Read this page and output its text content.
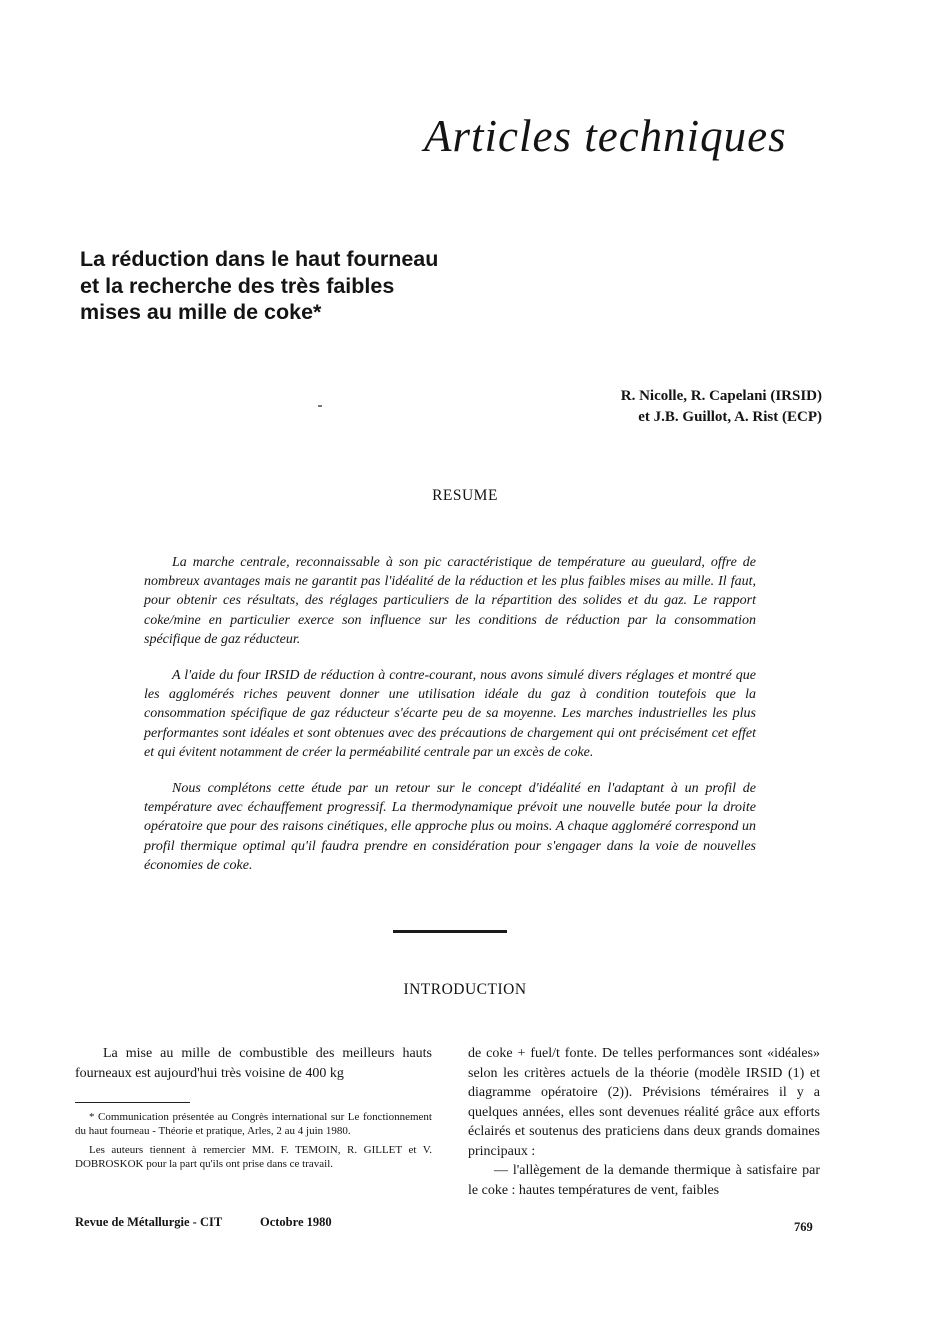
Articles techniques
La réduction dans le haut fourneau
et la recherche des très faibles
mises au mille de coke*
R. Nicolle, R. Capelani (IRSID)
et J.B. Guillot, A. Rist (ECP)
RESUME

La marche centrale, reconnaissable à son pic caractéristique de température au gueulard, offre de nombreux avantages mais ne garantit pas l'idéalité de la réduction et les plus faibles mises au mille. Il faut, pour obtenir ces résultats, des réglages particuliers de la répartition des solides et du gaz. Le rapport coke/mine en particulier exerce son influence sur les conditions de réduction par la consommation spécifique de gaz réducteur.

A l'aide du four IRSID de réduction à contre-courant, nous avons simulé divers réglages et montré que les agglomérés riches peuvent donner une utilisation idéale du gaz à condition toutefois que la consommation spécifique de gaz réducteur s'écarte peu de sa moyenne. Les marches industrielles les plus performantes sont idéales et sont obtenues avec des précautions de chargement qui ont précisément cet effet et qui évitent notamment de créer la perméabilité centrale par un excès de coke.

Nous complétons cette étude par un retour sur le concept d'idéalité en l'adaptant à un profil de température avec échauffement progressif. La thermodynamique prévoit une nouvelle butée pour la droite opératoire que pour des raisons cinétiques, elle approche plus ou moins. A chaque aggloméré correspond un profil thermique optimal qu'il faudra prendre en considération pour s'engager dans la voie de nouvelles économies de coke.

INTRODUCTION

La mise au mille de combustible des meilleurs hauts fourneaux est aujourd'hui très voisine de 400 kg

* Communication présentée au Congrès international sur Le fonctionnement du haut fourneau - Théorie et pratique, Arles, 2 au 4 juin 1980.

Les auteurs tiennent à remercier MM. F. TEMOIN, R. GILLET et V. DOBROSKOK pour la part qu'ils ont prise dans ce travail.

de coke + fuel/t fonte. De telles performances sont «idéales» selon les critères actuels de la théorie (modèle IRSID (1) et diagramme opératoire (2)). Prévisions téméraires il y a quelques années, elles sont devenues réalité grâce aux efforts éclairés et soutenus des praticiens dans deux grands domaines principaux :

— l'allègement de la demande thermique à satisfaire par le coke : hautes températures de vent, faibles

Revue de Métallurgie - CIT	Octobre 1980	769
